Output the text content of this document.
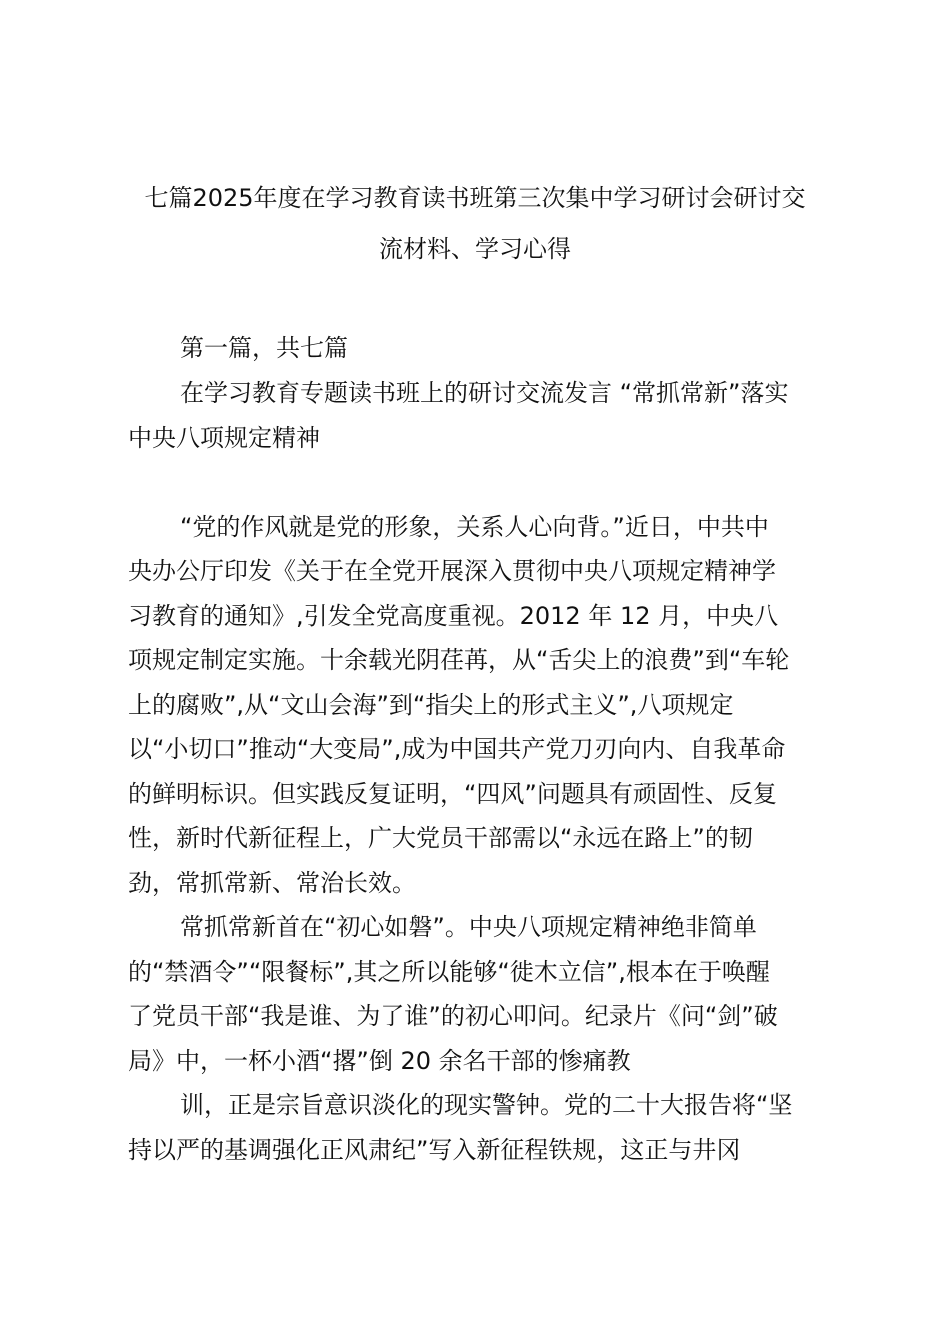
七篇2025年度在学习教育读书班第三次集中学习研讨会研讨交
流材料、学习心得
第一篇，共七篇
在学习教育专题读书班上的研讨交流发言 “常抓常新”落实
中央八项规定精神
“党的作风就是党的形象，关系人心向背。”近日，中共中
央办公厅印发《关于在全党开展深入贯彻中央八项规定精神学
习教育的通知》,引发全党高度重视。2012 年 12 月，中央八
项规定制定实施。十余载光阴荏苒，从“舌尖上的浪费”到“车轮
上的腐败”,从“文山会海”到“指尖上的形式主义”,八项规定
以“小切口”推动“大变局”,成为中国共产党刀刃向内、自我革命
的鲜明标识。但实践反复证明，“四风”问题具有顽固性、反复
性，新时代新征程上，广大党员干部需以“永远在路上”的韧
劲，常抓常新、常治长效。
常抓常新首在“初心如磐”。中央八项规定精神绝非简单
的“禁酒令”“限餐标”,其之所以能够“徙木立信”,根本在于唤醒
了党员干部“我是谁、为了谁”的初心叩问。纪录片《问“剑”破
局》中，一杯小酒“撂”倒 20 余名干部的惨痛教
训，正是宗旨意识淡化的现实警钟。党的二十大报告将“坚
持以严的基调强化正风肃纪”写入新征程铁规，这正与井冈
